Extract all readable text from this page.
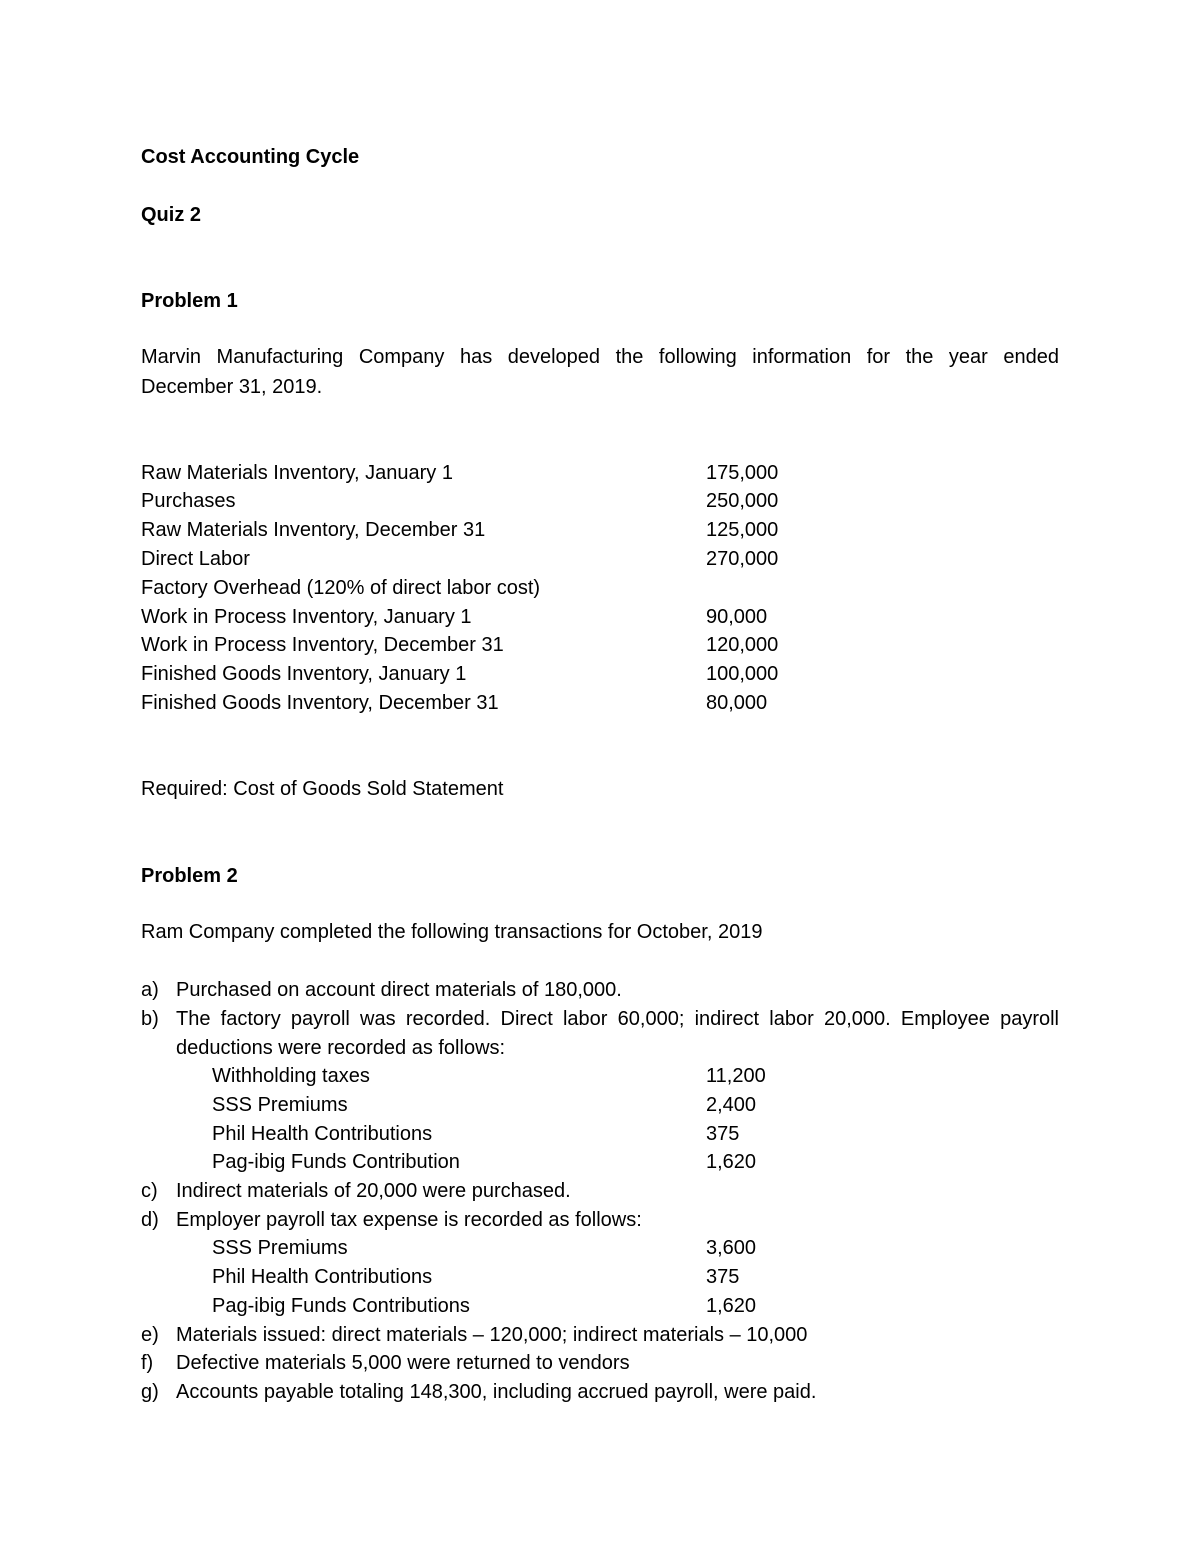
Cost Accounting Cycle
Quiz 2
Problem 1
Marvin Manufacturing Company has developed the following information for the year ended
December 31, 2019.
Raw Materials Inventory, January 1	175,000
Purchases	250,000
Raw Materials Inventory, December 31	125,000
Direct Labor	270,000
Factory Overhead (120% of direct labor cost)
Work in Process Inventory, January 1	90,000
Work in Process Inventory, December 31	120,000
Finished Goods Inventory, January 1	100,000
Finished Goods Inventory, December 31	80,000
Required: Cost of Goods Sold Statement
Problem 2
Ram Company completed the following transactions for October, 2019
a) Purchased on account direct materials of 180,000.
b) The factory payroll was recorded. Direct labor 60,000; indirect labor 20,000. Employee payroll
deductions were recorded as follows:
Withholding taxes	11,200
SSS Premiums	2,400
Phil Health Contributions	375
Pag-ibig Funds Contribution	1,620
c) Indirect materials of 20,000 were purchased.
d) Employer payroll tax expense is recorded as follows:
SSS Premiums	3,600
Phil Health Contributions	375
Pag-ibig Funds Contributions	1,620
e) Materials issued: direct materials – 120,000; indirect materials – 10,000
f) Defective materials 5,000 were returned to vendors
g) Accounts payable totaling 148,300, including accrued payroll, were paid.
